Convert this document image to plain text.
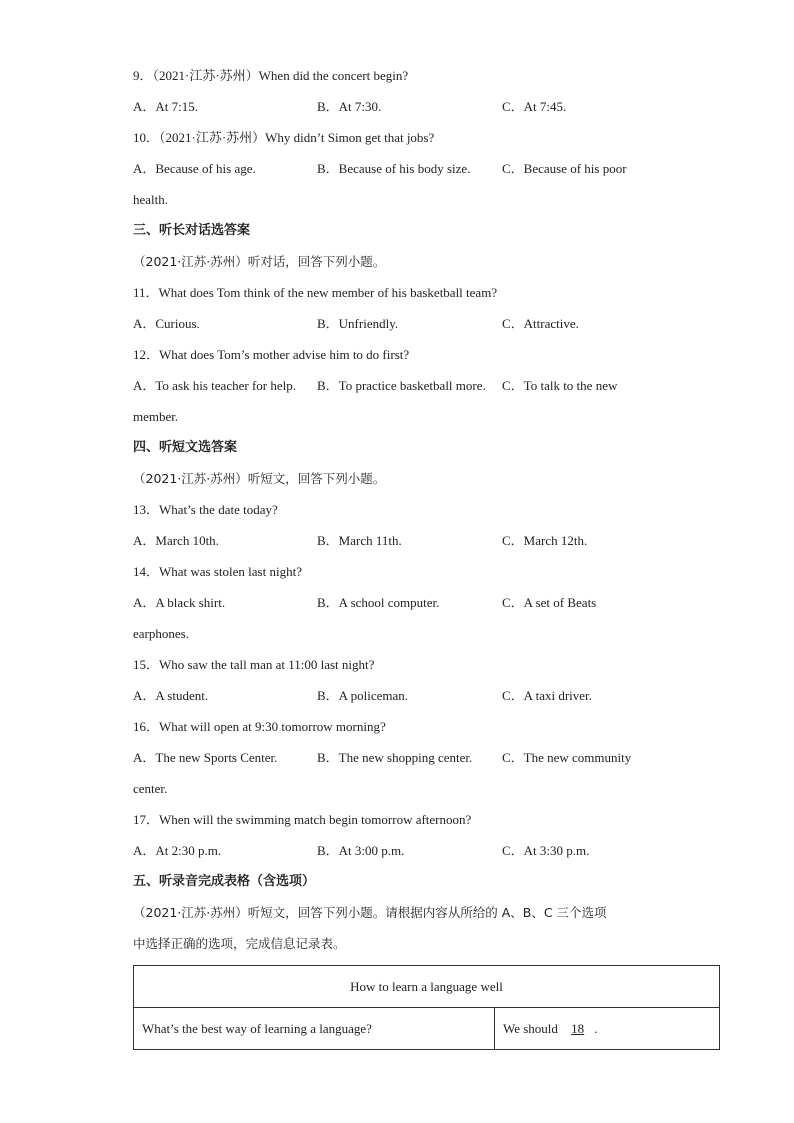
9．（2021·江苏·苏州）When did the concert begin?
A．At 7:15.	B．At 7:30.	C．At 7:45.
10．（2021·江苏·苏州）Why didn’t Simon get that jobs?
A．Because of his age.	B．Because of his body size. C．Because of his poor
health.
三、听长对话选答案
（2021·江苏·苏州）听对话，回答下列小题。
11．What does Tom think of the new member of his basketball team?
A．Curious.	B．Unfriendly.	C．Attractive.
12．What does Tom’s mother advise him to do first?
A．To ask his teacher for help. B．To practice basketball more. C．To talk to the new
member.
四、听短文选答案
（2021·江苏·苏州）听短文，回答下列小题。
13．What’s the date today?
A．March 10th.	B．March 11th.	C．March 12th.
14．What was stolen last night?
A．A black shirt.	B．A school computer.	C．A set of Beats
earphones.
15．Who saw the tall man at 11:00 last night?
A．A student.	B．A policeman.	C．A taxi driver.
16．What will open at 9:30 tomorrow morning?
A．The new Sports Center.	B．The new shopping center. C．The new community
center.
17．When will the swimming match begin tomorrow afternoon?
A．At 2:30 p.m.	B．At 3:00 p.m.	C．At 3:30 p.m.
五、听录音完成表格（含选项）
（2021·江苏·苏州）听短文，回答下列小题。请根据内容从所给的 A、B、C 三个选项
中选择正确的选项，完成信息记录表。
How to learn a language well
What’s the best way of learning a language?	We should 18 .
